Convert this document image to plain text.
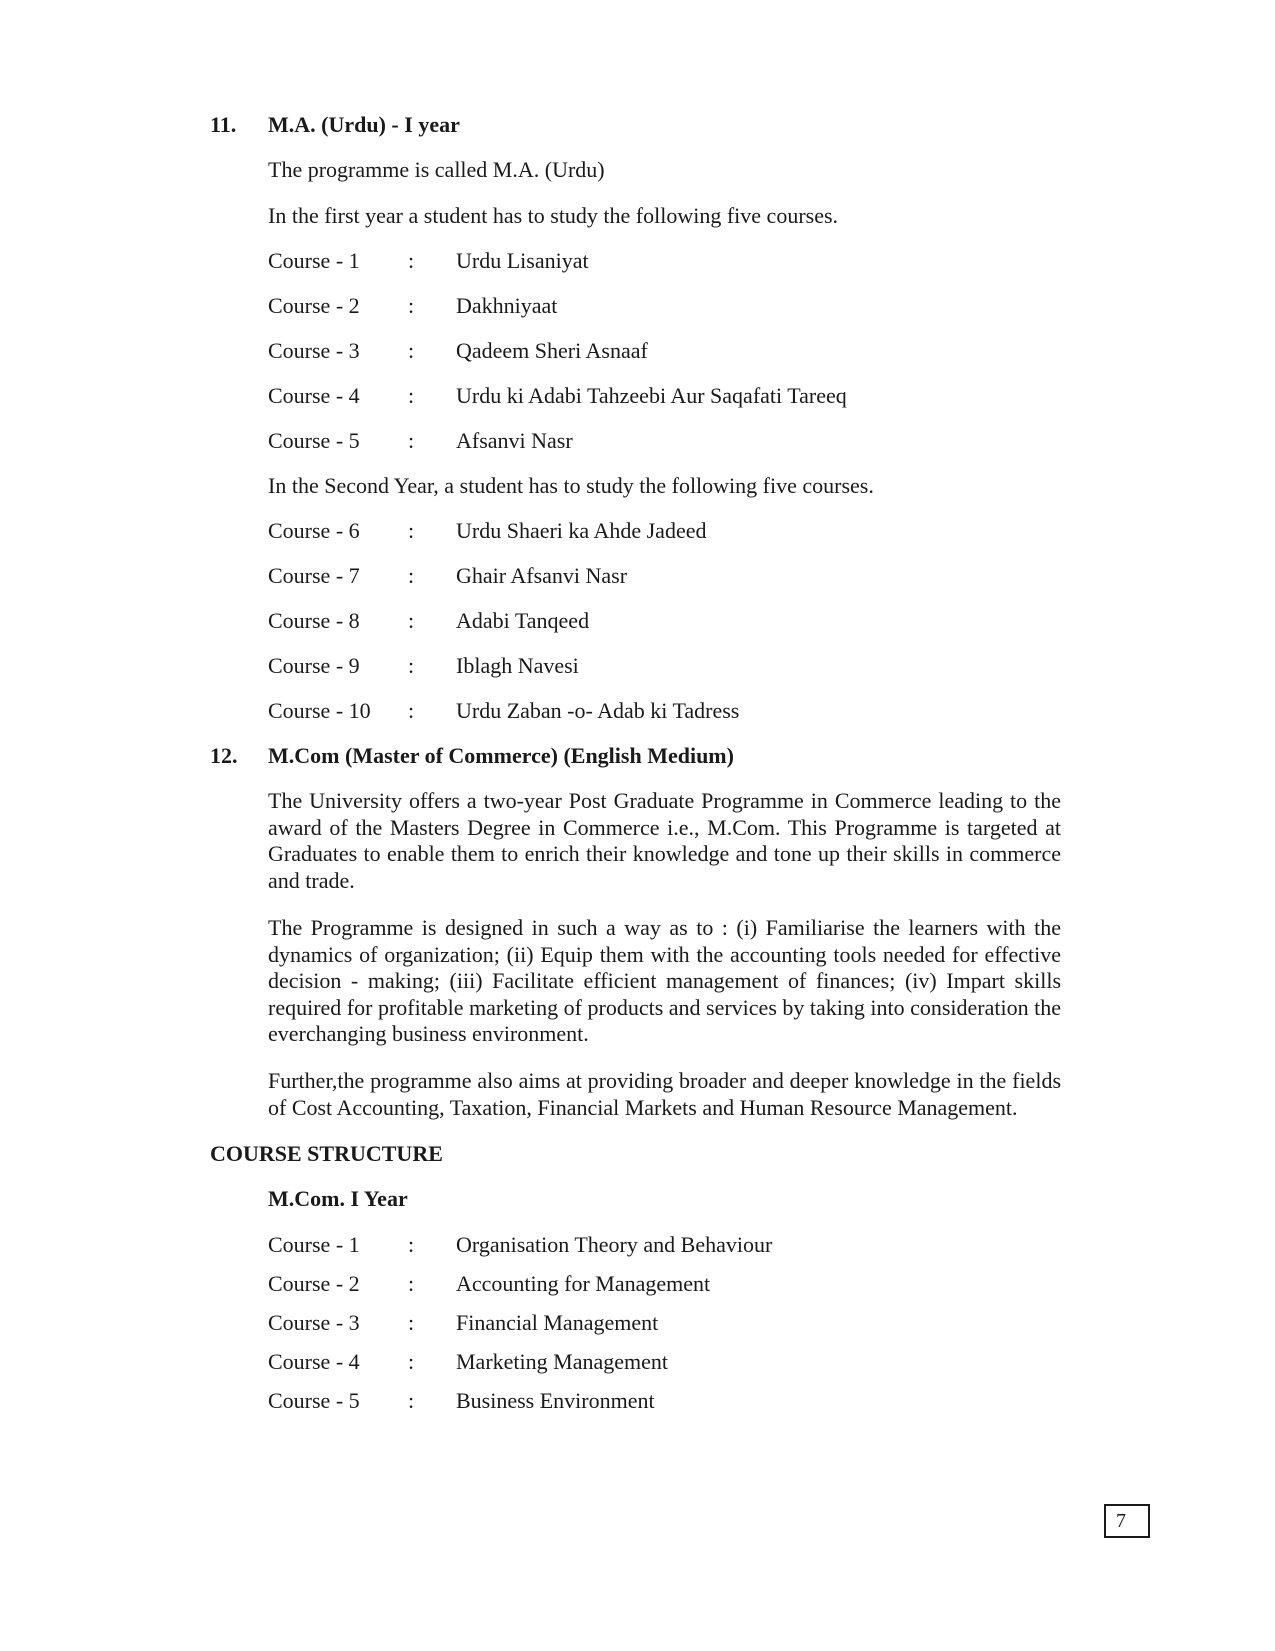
11. M.A. (Urdu) - I year
The programme is called M.A. (Urdu)
In the first year a student has to study the following five courses.
Course - 1 : Urdu Lisaniyat
Course - 2 : Dakhniyaat
Course - 3 : Qadeem Sheri Asnaaf
Course - 4 : Urdu ki Adabi Tahzeebi Aur Saqafati Tareeq
Course - 5 : Afsanvi Nasr
In the Second Year, a student has to study the following five courses.
Course - 6 : Urdu Shaeri ka Ahde Jadeed
Course - 7 : Ghair Afsanvi Nasr
Course - 8 : Adabi Tanqeed
Course - 9 : Iblagh Navesi
Course - 10 : Urdu Zaban -o- Adab ki Tadress
12. M.Com (Master of Commerce) (English Medium)

The University offers a two-year Post Graduate Programme in Commerce leading to the award of the Masters Degree in Commerce i.e., M.Com. This Programme is targeted at Graduates to enable them to enrich their knowledge and tone up their skills in commerce and trade.

The Programme is designed in such a way as to : (i) Familiarise the learners with the dynamics of organization; (ii) Equip them with the accounting tools needed for effective decision - making; (iii) Facilitate efficient management of finances; (iv) Impart skills required for profitable marketing of products and services by taking into consideration the everchanging business environment.

Further,the programme also aims at providing broader and deeper knowledge in the fields of Cost Accounting, Taxation, Financial Markets and Human Resource Management.

COURSE STRUCTURE
M.Com. I Year
Course - 1 : Organisation Theory and Behaviour
Course - 2 : Accounting for Management
Course - 3 : Financial Management
Course - 4 : Marketing Management
Course - 5 : Business Environment
7
